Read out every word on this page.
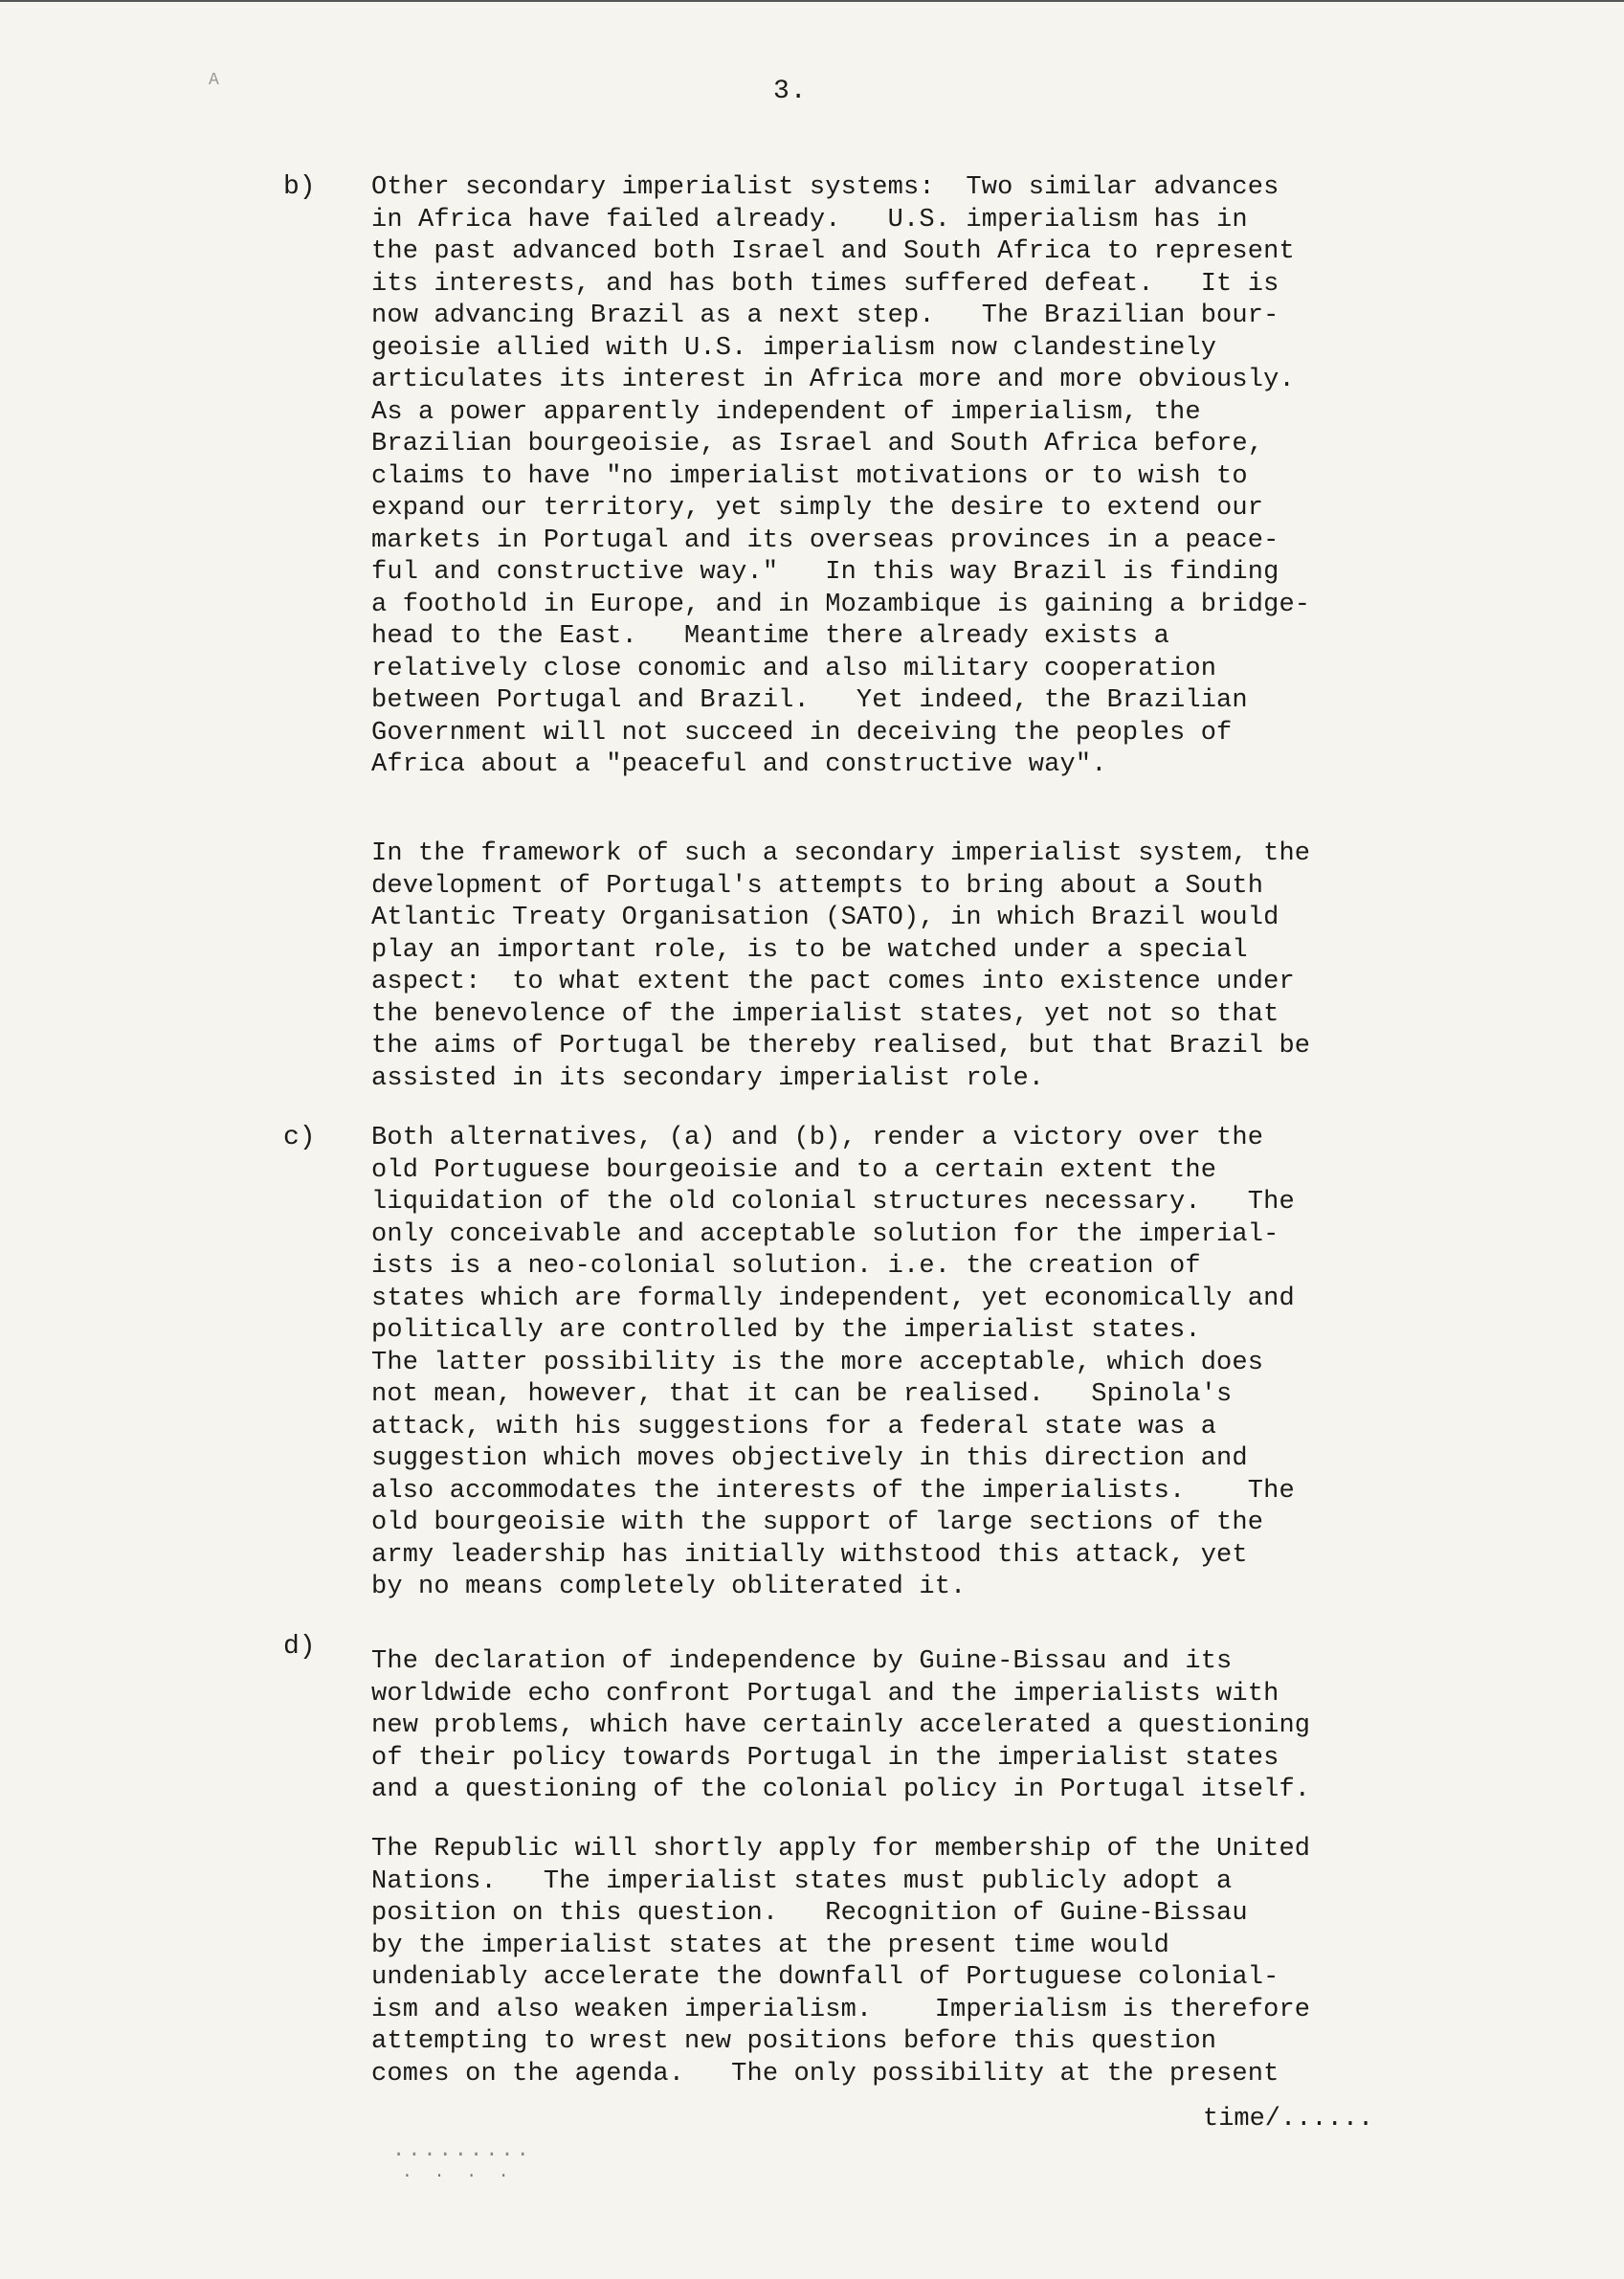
A	3.
b) Other secondary imperialist systems:  Two similar advances
in Africa have failed already.   U.S. imperialism has in
the past advanced both Israel and South Africa to represent
its interests, and has both times suffered defeat.   It is
now advancing Brazil as a next step.   The Brazilian bour-
geoisie allied with U.S. imperialism now clandestinely
articulates its interest in Africa more and more obviously.
As a power apparently independent of imperialism, the
Brazilian bourgeoisie, as Israel and South Africa before,
claims to have "no imperialist motivations or to wish to
expand our territory, yet simply the desire to extend our
markets in Portugal and its overseas provinces in a peace-
ful and constructive way."   In this way Brazil is finding
a foothold in Europe, and in Mozambique is gaining a bridge-
head to the East.   Meantime there already exists a
relatively close conomic and also military cooperation
between Portugal and Brazil.   Yet indeed, the Brazilian
Government will not succeed in deceiving the peoples of
Africa about a "peaceful and constructive way".

In the framework of such a secondary imperialist system, the
development of Portugal's attempts to bring about a South
Atlantic Treaty Organisation (SATO), in which Brazil would
play an important role, is to be watched under a special
aspect:  to what extent the pact comes into existence under
the benevolence of the imperialist states, yet not so that
the aims of Portugal be thereby realised, but that Brazil be
assisted in its secondary imperialist role.

c) Both alternatives, (a) and (b), render a victory over the
old Portuguese bourgeoisie and to a certain extent the
liquidation of the old colonial structures necessary.   The
only conceivable and acceptable solution for the imperial-
ists is a neo-colonial solution. i.e. the creation of
states which are formally independent, yet economically and
politically are controlled by the imperialist states.
The latter possibility is the more acceptable, which does
not mean, however, that it can be realised.   Spinola's
attack, with his suggestions for a federal state was a
suggestion which moves objectively in this direction and
also accommodates the interests of the imperialists.    The
old bourgeoisie with the support of large sections of the
army leadership has initially withstood this attack, yet
by no means completely obliterated it.

d) The declaration of independence by Guine-Bissau and its
worldwide echo confront Portugal and the imperialists with
new problems, which have certainly accelerated a questioning
of their policy towards Portugal in the imperialist states
and a questioning of the colonial policy in Portugal itself.

The Republic will shortly apply for membership of the United
Nations.   The imperialist states must publicly adopt a
position on this question.   Recognition of Guine-Bissau
by the imperialist states at the present time would
undeniably accelerate the downfall of Portuguese colonial-
ism and also weaken imperialism.    Imperialism is therefore
attempting to wrest new positions before this question
comes on the agenda.   The only possibility at the present

time/......
.........
. . . .
